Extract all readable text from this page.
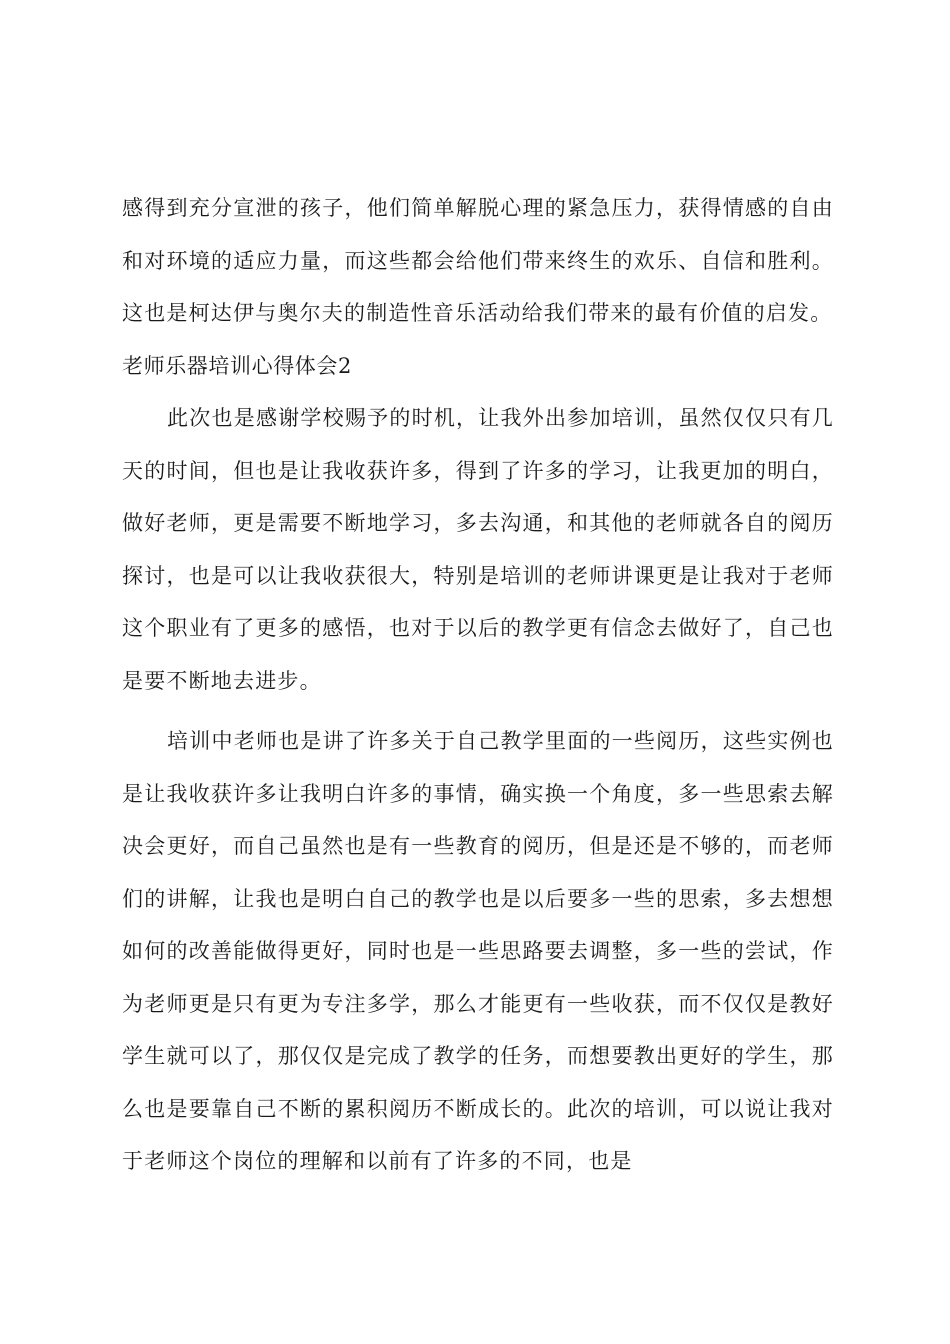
感得到充分宣泄的孩子，他们简单解脱心理的紧急压力，获得情感的自由和对环境的适应力量，而这些都会给他们带来终生的欢乐、自信和胜利。这也是柯达伊与奥尔夫的制造性音乐活动给我们带来的最有价值的启发。

老师乐器培训心得体会2

此次也是感谢学校赐予的时机，让我外出参加培训，虽然仅仅只有几天的时间，但也是让我收获许多，得到了许多的学习，让我更加的明白，做好老师，更是需要不断地学习，多去沟通，和其他的老师就各自的阅历探讨，也是可以让我收获很大，特别是培训的老师讲课更是让我对于老师这个职业有了更多的感悟，也对于以后的教学更有信念去做好了，自己也是要不断地去进步。

培训中老师也是讲了许多关于自己教学里面的一些阅历，这些实例也是让我收获许多让我明白许多的事情，确实换一个角度，多一些思索去解决会更好，而自己虽然也是有一些教育的阅历，但是还是不够的，而老师们的讲解，让我也是明白自己的教学也是以后要多一些的思索，多去想想如何的改善能做得更好，同时也是一些思路要去调整，多一些的尝试，作为老师更是只有更为专注多学，那么才能更有一些收获，而不仅仅是教好学生就可以了，那仅仅是完成了教学的任务，而想要教出更好的学生，那么也是要靠自己不断的累积阅历不断成长的。此次的培训，可以说让我对于老师这个岗位的理解和以前有了许多的不同，也是
